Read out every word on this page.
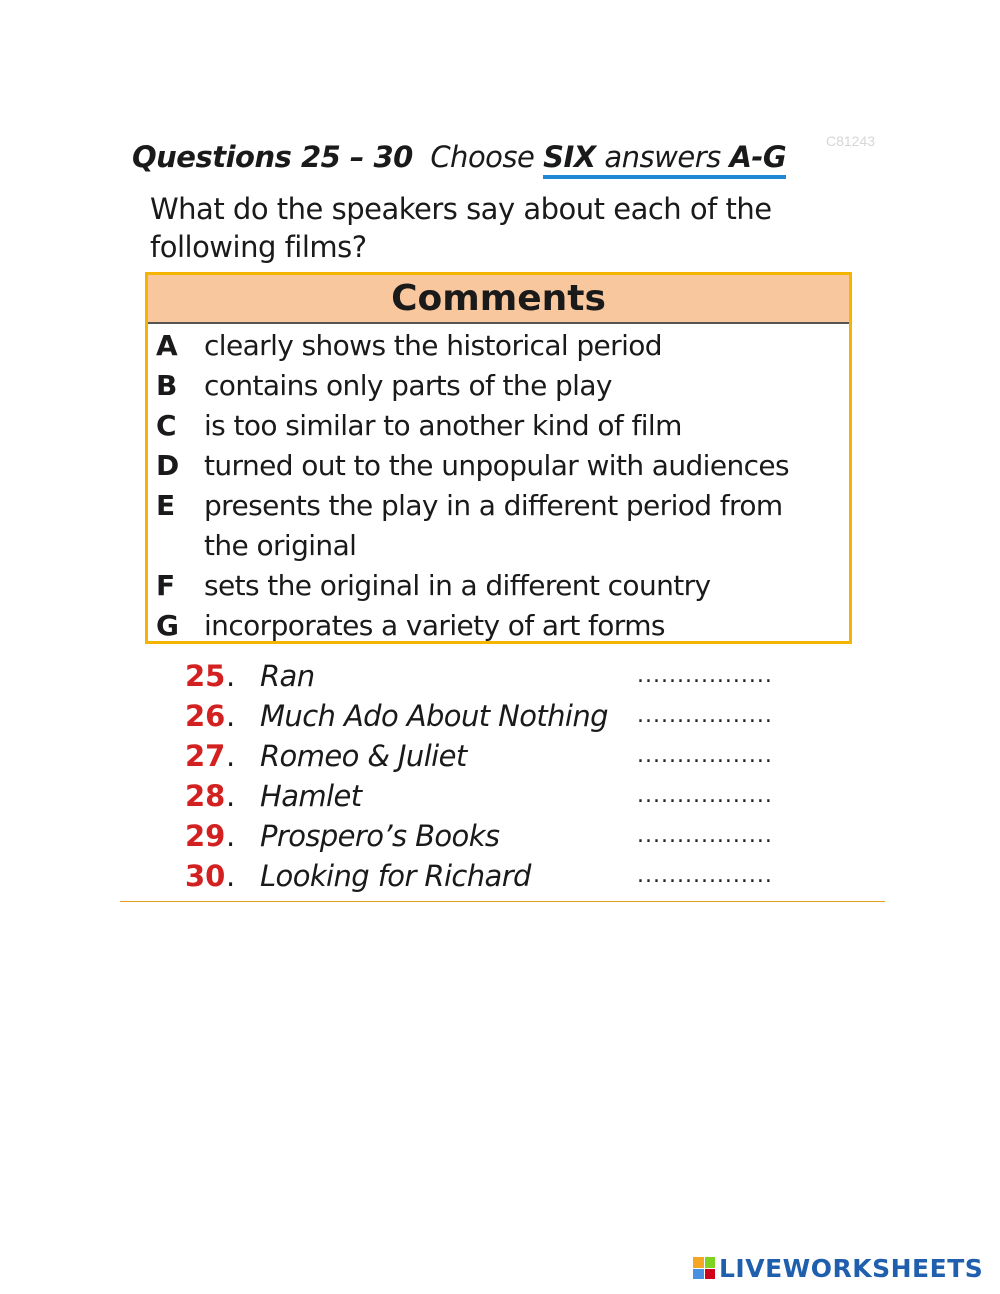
C81243
Questions 25 – 30 Choose SIX answers A-G
What do the speakers say about each of the following films?
Comments
A clearly shows the historical period
B contains only parts of the play
C	is too similar to another kind of film
D turned out to the unpopular with audiences
E	presents the play in a different period from
the original
F	sets the original in a different country
G incorporates a variety of art forms
25 . Ran	.................
26 . Much Ado About Nothing .................
27 . Romeo & Juliet	.................
28 . Hamlet	.................
29 . Prospero’s Books	.................
30 . Looking for Richard	.................
LIVEWORKSHEETS
